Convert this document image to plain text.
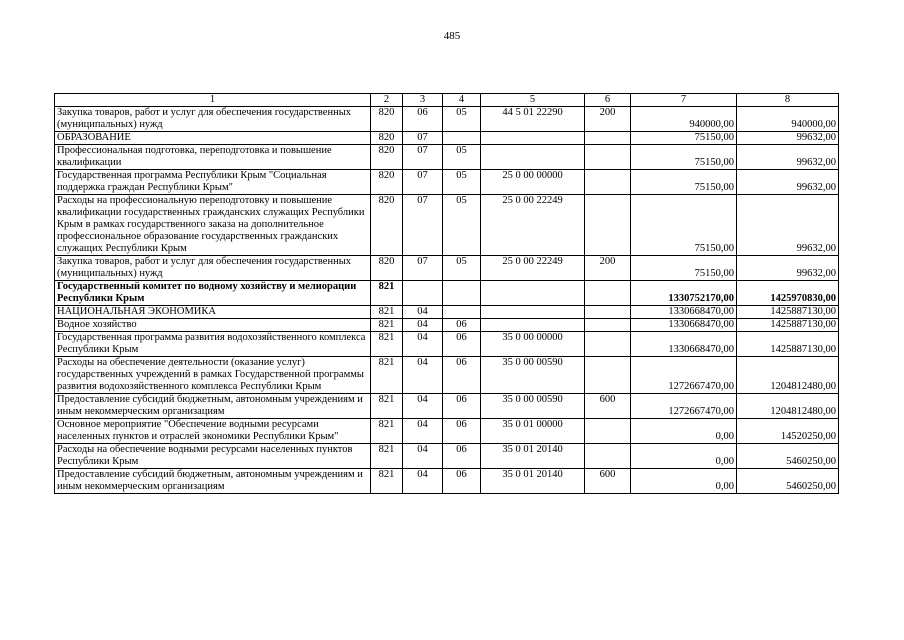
485
1	2	3	4	5	6	7	8
Закупка товаров, работ и услуг для обеспечения государственных (муниципальных) нужд	820	06	05	44 5 01 22290	200	940000,00	940000,00
ОБРАЗОВАНИЕ	820	07				75150,00	99632,00
Профессиональная подготовка, переподготовка и повышение квалификации	820	07	05			75150,00	99632,00
Государственная программа Республики Крым "Социальная поддержка граждан Республики Крым"	820	07	05	25 0 00 00000		75150,00	99632,00
Расходы на профессиональную переподготовку и повышение квалификации государственных гражданских служащих Республики Крым в рамках государственного заказа на дополнительное профессиональное образование государственных гражданских служащих Республики Крым	820	07	05	25 0 00 22249		75150,00	99632,00
Закупка товаров, работ и услуг для обеспечения государственных (муниципальных) нужд	820	07	05	25 0 00 22249	200	75150,00	99632,00
Государственный комитет по водному хозяйству и мелиорации Республики Крым	821					1330752170,00	1425970830,00
НАЦИОНАЛЬНАЯ ЭКОНОМИКА	821	04				1330668470,00	1425887130,00
Водное хозяйство	821	04	06			1330668470,00	1425887130,00
Государственная программа развития водохозяйственного комплекса Республики Крым	821	04	06	35 0 00 00000		1330668470,00	1425887130,00
Расходы на обеспечение деятельности (оказание услуг) государственных учреждений в рамках Государственной программы развития водохозяйственного комплекса Республики Крым	821	04	06	35 0 00 00590		1272667470,00	1204812480,00
Предоставление субсидий бюджетным, автономным учреждениям и иным некоммерческим организациям	821	04	06	35 0 00 00590	600	1272667470,00	1204812480,00
Основное мероприятие "Обеспечение водными ресурсами населенных пунктов и отраслей экономики Республики Крым"	821	04	06	35 0 01 00000		0,00	14520250,00
Расходы на обеспечение водными ресурсами населенных пунктов Республики Крым	821	04	06	35 0 01 20140		0,00	5460250,00
Предоставление субсидий бюджетным, автономным учреждениям и иным некоммерческим организациям	821	04	06	35 0 01 20140	600	0,00	5460250,00
